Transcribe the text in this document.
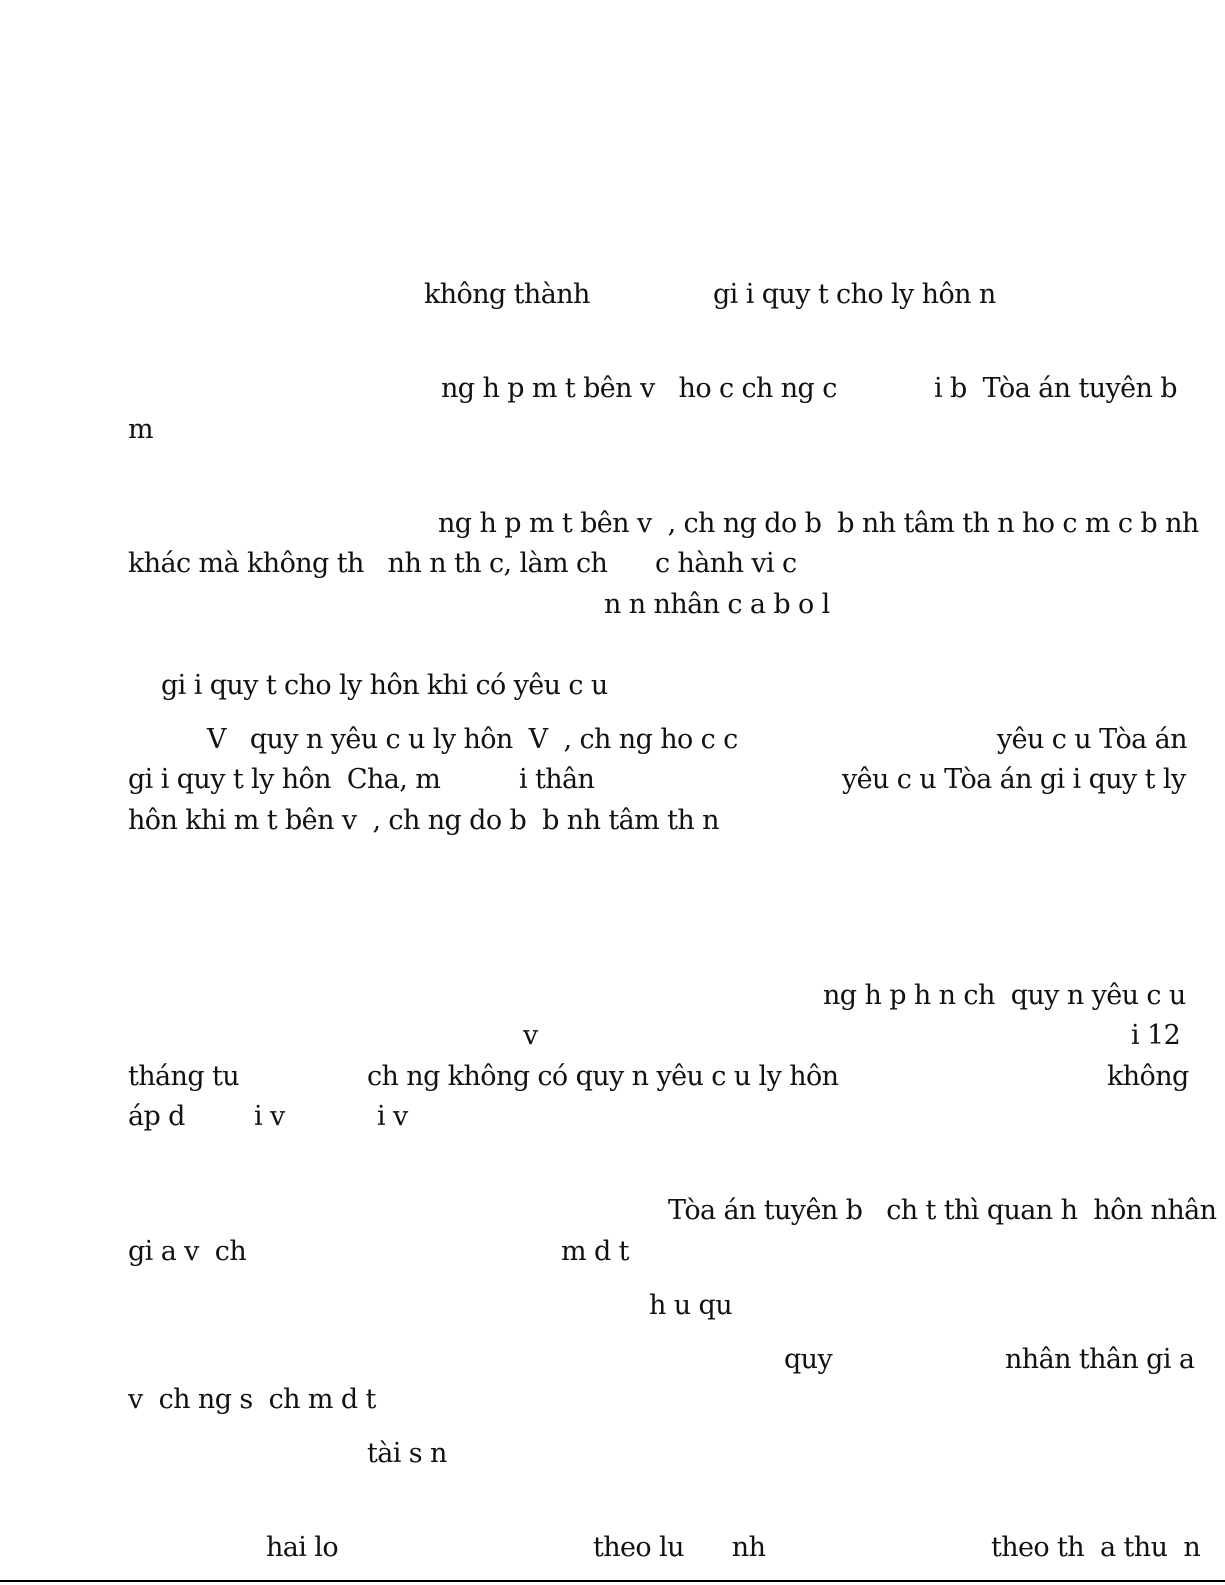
không thành	gi i quy t cho ly hôn n
ng h p m t bên v   ho c ch ng c	i b  Tòa án tuyên b
m
ng h p m t bên v  , ch ng do b  b nh tâm th n ho c m c b nh
khác mà không th   nh n th c, làm ch c hành vi c
n n nhân c a b o l
gi i quy t cho ly hôn khi có yêu c u
V   quy n yêu c u ly hôn  V  , ch ng ho c c	yêu c u Tòa án
gi i quy t ly hôn  Cha, m	i thân	yêu c u Tòa án gi i quy t ly
hôn khi m t bên v  , ch ng do b  b nh tâm th n
ng h p h n ch  quy n yêu c u
v	i 12
tháng tu	ch ng không có quy n yêu c u ly hôn	không
áp d	i v	i v
Tòa án tuyên b   ch t thì quan h  hôn nhân
gi a v  ch	m d t
h u qu
quy	nhân thân gi a
v  ch ng s  ch m d t
tài s n
hai lo	theo lu      nh	theo th  a thu  n
